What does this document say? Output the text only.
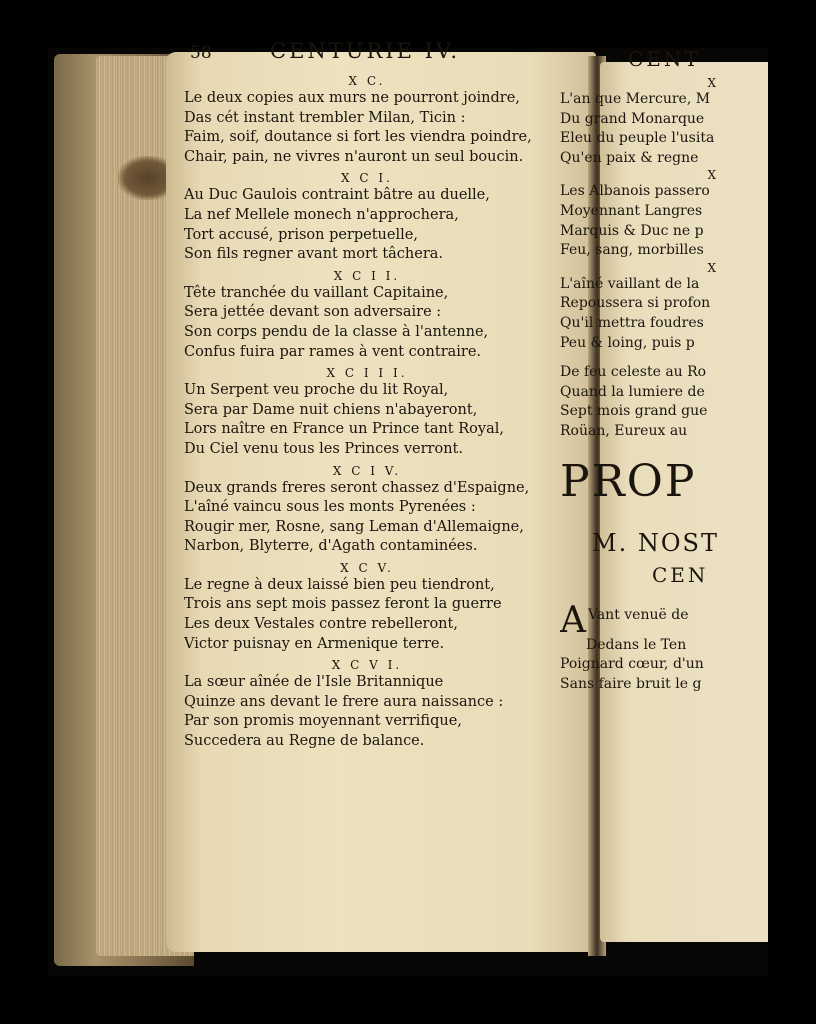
58	CENTURIE IV.
X C.
Le deux copies aux murs ne pourront joindre,
Das cét instant trembler Milan, Ticin :
Faim, soif, doutance si fort les viendra poindre,
Chair, pain, ne vivres n'auront un seul boucin.
X C I.
Au Duc Gaulois contraint bâtre au duelle,
La nef Mellele monech n'approchera,
Tort accusé, prison perpetuelle,
Son fils regner avant mort tâchera.
X C I I.
Tête tranchée du vaillant Capitaine,
Sera jettée devant son adversaire :
Son corps pendu de la classe à l'antenne,
Confus fuira par rames à vent contraire.
X C I I I.
Un Serpent veu proche du lit Royal,
Sera par Dame nuit chiens n'abayeront,
Lors naître en France un Prince tant Royal,
Du Ciel venu tous les Princes verront.
X C I V.
Deux grands freres seront chassez d'Espaigne,
L'aîné vaincu sous les monts Pyrenées :
Rougir mer, Rosne, sang Leman d'Allemaigne,
Narbon, Blyterre, d'Agath contaminées.
X C V.
Le regne à deux laissé bien peu tiendront,
Trois ans sept mois passez feront la guerre
Les deux Vestales contre rebelleront,
Victor puisnay en Armenique terre.
X C V I.
La sœur aînée de l'Isle Britannique
Quinze ans devant le frere aura naissance :
Par son promis moyennant verrifique,
Succedera au Regne de balance.
CENT
X
L'an que Mercure, M
Du grand Monarque
Eleu du peuple l'usita
Qu'en paix & regne
X
Les Albanois passero
Moyennant Langres
Marquis & Duc ne p
Feu, sang, morbilles
X
L'aîné vaillant de la
Repoussera si profon
Qu'il mettra foudres
Peu & loing, puis p
De feu celeste au Ro
Quand la lumiere de
Sept mois grand gue
Roüan, Eureux au
PROP
M. NOST
CEN
A Vant venuë de
Dedans le Ten
Poignard cœur, d'un
Sans faire bruit le g
